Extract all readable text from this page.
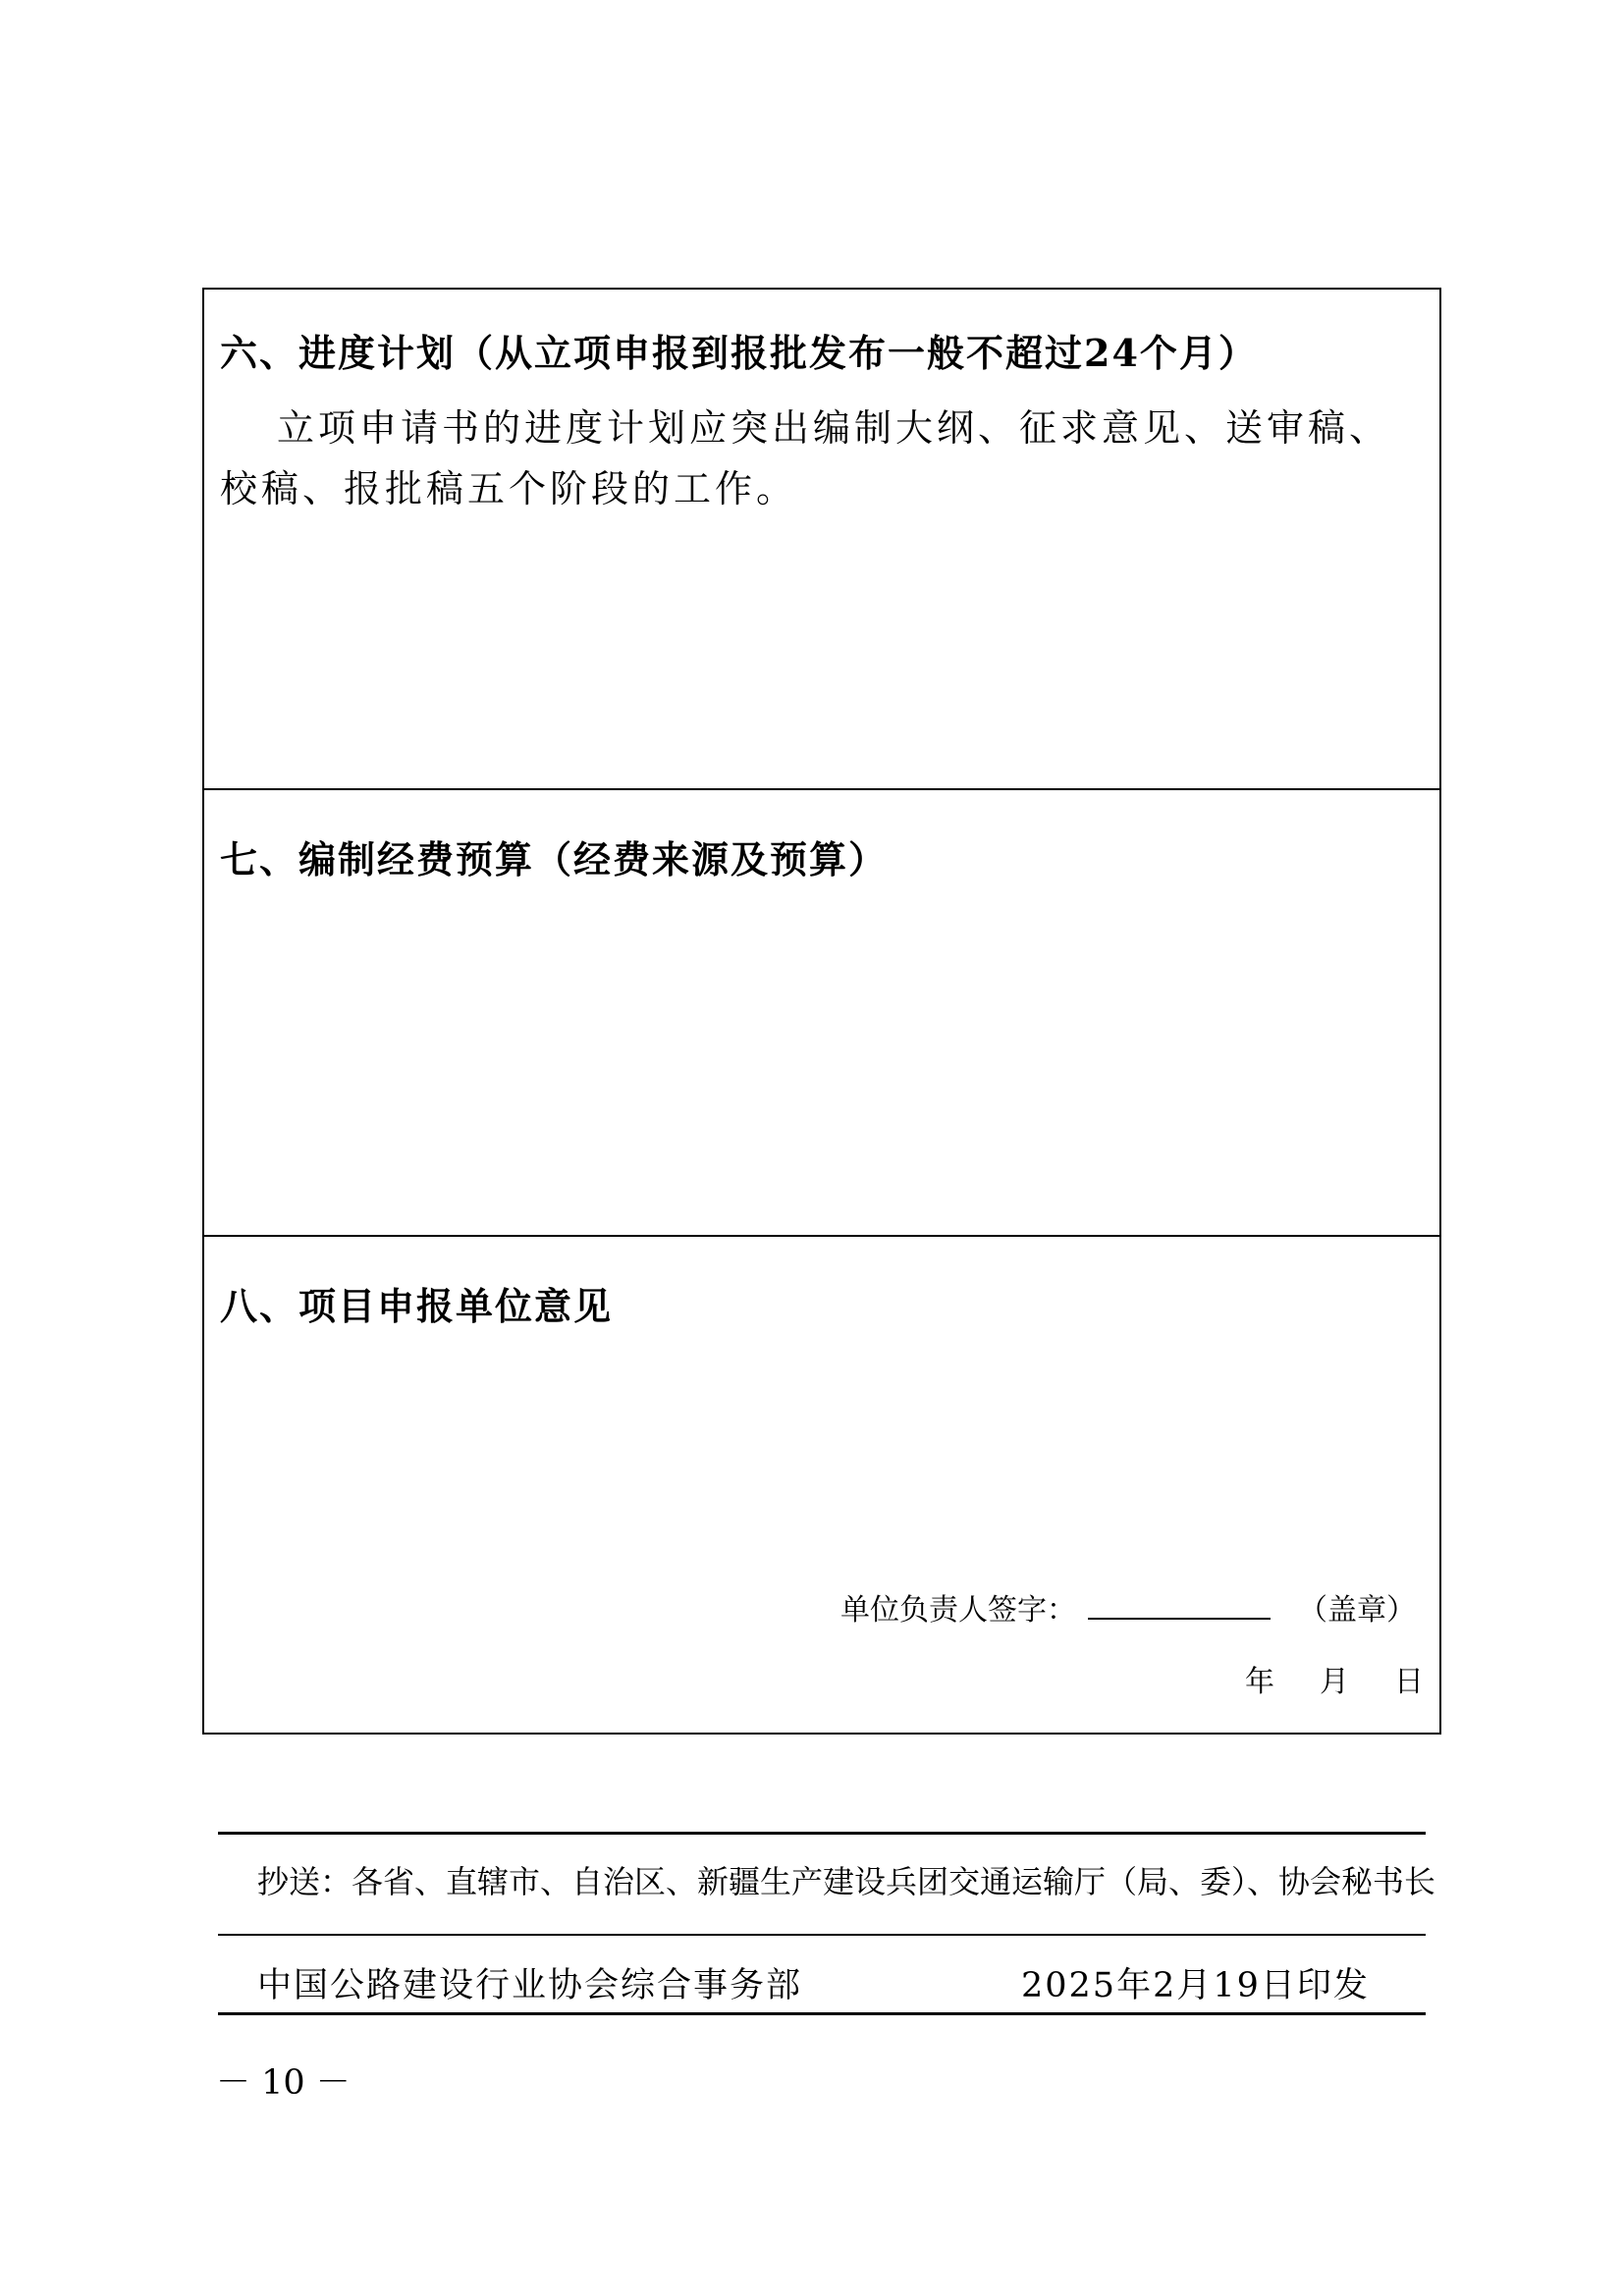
六、进度计划（从立项申报到报批发布一般不超过24个月）

立项申请书的进度计划应突出编制大纲、征求意见、送审稿、校稿、报批稿五个阶段的工作。

七、编制经费预算（经费来源及预算）
八、项目申报单位意见
单位负责人签字：	（盖章）
年 月 日
抄送：各省、直辖市、自治区、新疆生产建设兵团交通运输厅（局、委）、协会秘书长
中国公路建设行业协会综合事务部	2025年2月19日印发
－ 10 －
